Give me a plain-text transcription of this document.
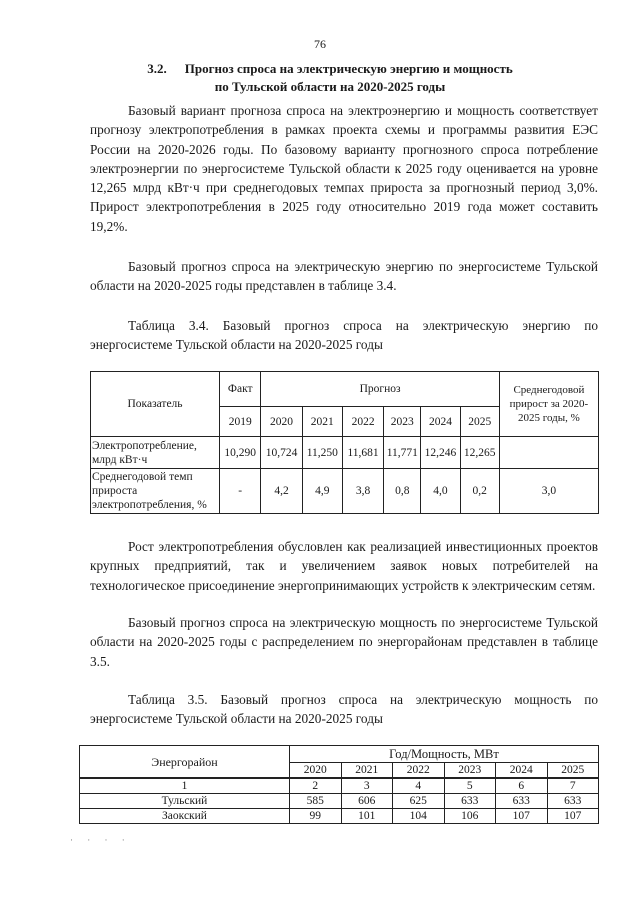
76
3.2. Прогноз спроса на электрическую энергию и мощность
по Тульской области на 2020-2025 годы
Базовый вариант прогноза спроса на электроэнергию и мощность соответствует прогнозу электропотребления в рамках проекта схемы и программы развития ЕЭС России на 2020-2026 годы. По базовому варианту прогнозного спроса потребление электроэнергии по энергосистеме Тульской области к 2025 году оценивается на уровне 12,265 млрд кВт·ч при среднегодовых темпах прироста за прогнозный период 3,0%. Прирост электропотребления в 2025 году относительно 2019 года может составить 19,2%.
Базовый прогноз спроса на электрическую энергию по энергосистеме Тульской области на 2020-2025 годы представлен в таблице 3.4.
Таблица 3.4. Базовый прогноз спроса на электрическую энергию по энергосистеме Тульской области на 2020-2025 годы
Показатель	Факт	Прогноз						Среднегодовой прирост за 2020-2025 годы, %
	2019	2020	2021	2022	2023	2024	2025	
Электропотребление, млрд кВт·ч	10,290	10,724	11,250	11,681	11,771	12,246	12,265	
Среднегодовой темп прироста электропотребления, %	-	4,2	4,9	3,8	0,8	4,0	0,2	3,0
Рост электропотребления обусловлен как реализацией инвестиционных проектов крупных предприятий, так и увеличением заявок новых потребителей на технологическое присоединение энергопринимающих устройств к электрическим сетям.
Базовый прогноз спроса на электрическую мощность по энергосистеме Тульской области на 2020-2025 годы с распределением по энергорайонам представлен в таблице 3.5.
Таблица 3.5. Базовый прогноз спроса на электрическую мощность по энергосистеме Тульской области на 2020-2025 годы
Энергорайон	Год/Мощность, МВт					
	2020	2021	2022	2023	2024	2025
1	2	3	4	5	6	7
Тульский	585	606	625	633	633	633
Заокский	99	101	104	106	107	107
· · · ·
